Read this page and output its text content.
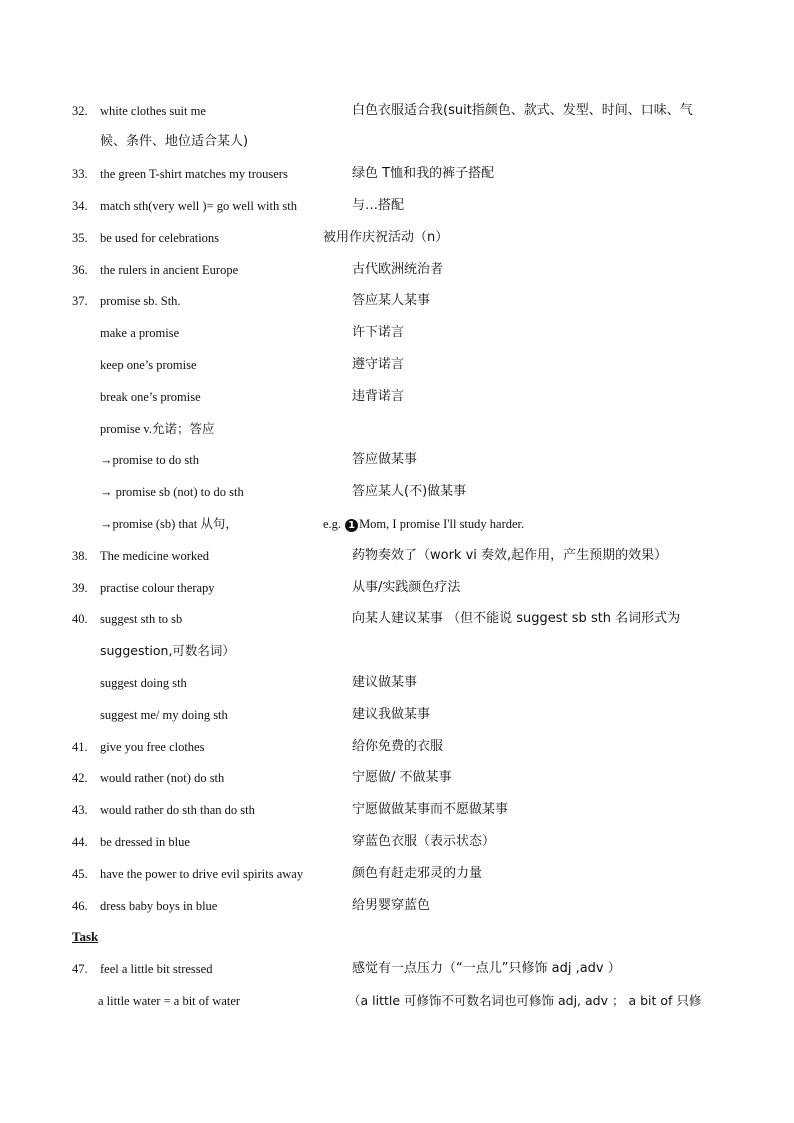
32. white clothes suit me	白色衣服适合我(suit指颜色、款式、发型、时间、口味、气
候、条件、地位适合某人)
33. the green T-shirt matches my trousers	绿色 T恤和我的裤子搭配
34. match sth(very well )= go well with sth	与…搭配
35. be used for celebrations	被用作庆祝活动（n）
36. the rulers in ancient Europe	古代欧洲统治者
37. promise sb. Sth.	答应某人某事
make a promise	许下诺言
keep one’s promise	遵守诺言
break one’s promise	违背诺言
promise v.允诺；答应
→promise to do sth	答应做某事
→ promise sb (not) to do sth	答应某人(不)做某事
→promise (sb) that 从句，	e.g. 1 Mom, I promise I'll study harder.
38. The medicine worked	药物奏效了（work vi 奏效,起作用，产生预期的效果）
39. practise colour therapy	从事/实践颜色疗法
40. suggest sth to sb	向某人建议某事 （但不能说 suggest sb sth 名词形式为
suggestion,可数名词）
suggest doing sth	建议做某事
suggest me/ my doing sth	建议我做某事
41. give you free clothes	给你免费的衣服
42. would rather (not) do sth	宁愿做/ 不做某事
43. would rather do sth than do sth	宁愿做做某事而不愿做某事
44. be dressed in blue	穿蓝色衣服（表示状态）
45. have the power to drive evil spirits away	颜色有赶走邪灵的力量
46. dress baby boys in blue	给男婴穿蓝色
Task
47. feel a little bit stressed	感觉有一点压力（“一点儿”只修饰 adj ,adv ）
a little water = a bit of water	（a little 可修饰不可数名词也可修饰 adj, adv ； a bit of 只修
